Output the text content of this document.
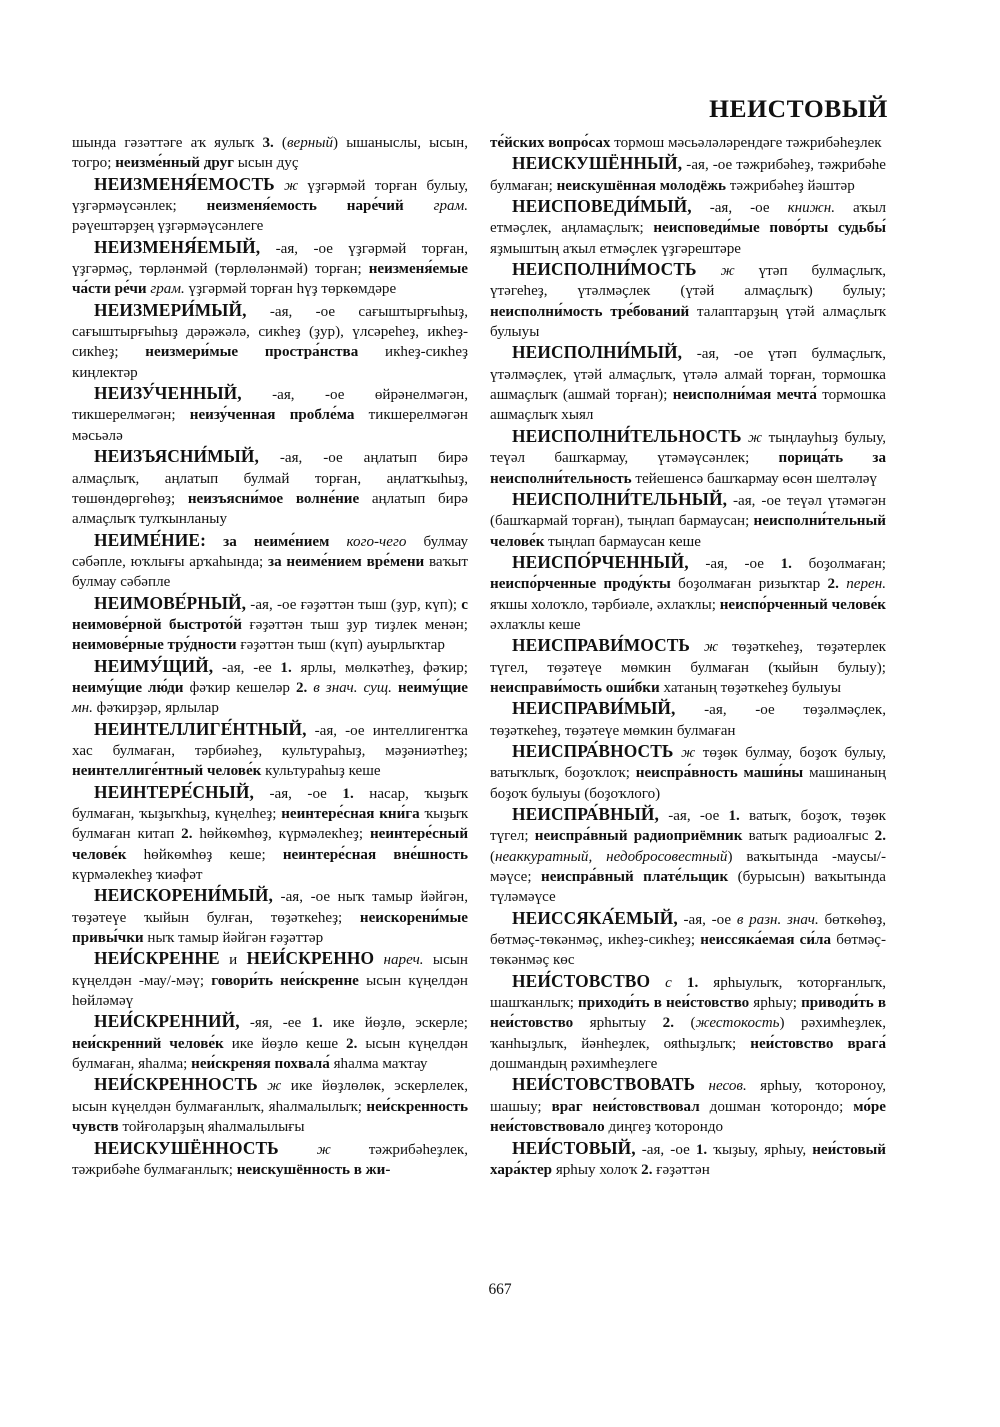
НЕИСТОВЫЙ

шында гәзәттәге аҡ яулыҡ 3. (верный) ышаныслы, ысын, тогро; неизме́нный друг ысын дуç

НЕИЗМЕНЯ́ЕМОСТЬ ж үҙгәрмәй торған булыу, үҙгәрмәүсәнлек; неизменя́емость наре́чий грам. рәүештәрҙең үҙгәрмәүсәнлеге

НЕИЗМЕНЯ́ЕМЫЙ, -ая, -ое үҙгәрмәй торған, үҙгәрмәç, төрләнмәй (төрлөләнмәй) торған; неизменя́емые ча́сти ре́чи грам. үҙгәрмәй торған hүҙ төркөмдәре

НЕИЗМЕРИ́МЫЙ, -ая, -ое сағыштырғыhыҙ, сағыштырғыhыҙ дәрәжәлә, сикheҙ (ҙур), үлсәреheҙ, икhеҙ-сикhеҙ; неизмери́мые простра́нства икhеҙ-сикhеҙ киңлектәр

НЕИЗУ́ЧЕННЫЙ, -ая, -ое өйрәнелмәгән, тикшерелмәгән; неизу́ченная пробле́ма тикшерелмәгән мәсьәлә

НЕИЗЪЯСНИ́МЫЙ, -ая, -ое аңлатып бирә алмаçлыҡ, аңлатып булмай торған, аңлатҡыhыҙ, төшөндөргөhөҙ; неизъясни́мое волне́ние аңлатып бирә алмаçлыҡ тулҡынланыу

НЕИМЕ́НИЕ: за неиме́нием кого-чего булмау сәбәпле, юҡлығы арҡаhында; за неиме́нием вре́мени ваҡыт булмау сәбәпле

НЕИМОВЕ́РНЫЙ, -ая, -ое ғәҙәттән тыш (ҙур, күп); с неимове́рной быстрото́й ғәҙәттән тыш ҙур тиҙлек менән; неимове́рные тру́дности ғәҙәттән тыш (күп) ауырлыҡтар

НЕИМУ́ЩИЙ, -ая, -ее 1. ярлы, мөлкәтheҙ, фәҡир; неиму́щие лю́ди фәҡир кешеләр 2. в знач. сущ. неиму́щие мн. фәҡирҙәр, ярлылар

НЕИНТЕЛЛИГЕ́НТНЫЙ, -ая, -ое интеллигентҡа хас булмаған, тәрбиәheҙ, культураhыҙ, мәҙәниәтheҙ; неинтеллиге́нтный челове́к культураhыҙ кеше

НЕИНТЕРЕ́СНЫЙ, -ая, -ое 1. насар, ҡыҙыҡ булмаған, ҡыҙыҡhыҙ, күңелheҙ; неинтере́сная кни́га ҡыҙыҡ булмаған китап 2. hөйкөмhөҙ, күрмәлекheҙ; неинтере́сный челове́к hөйкөмhөҙ кеше; неинтере́сная вне́шность күрмәлекheҙ ҡиәфәт

НЕИСКОРЕНИ́МЫЙ, -ая, -ое ныҡ тамыр йәйгән, төҙәтеүе ҡыйын булған, төҙәткеheҙ; неискорени́мые привы́чки ныҡ тамыр йәйгән ғәҙәттәр

НЕИ́СКРЕННЕ и НЕИ́СКРЕННО нареч. ысын күңелдән -мау/-мәү; говори́ть неи́скренне ысын күңелдән hөйләмәү

НЕИ́СКРЕННИЙ, -яя, -ее 1. ике йөҙлө, эскерле; неи́скренний челове́к ике йөҙлө кеше 2. ысын күңелдән булмаған, яhалма; неи́скреняя похвала́ яhалма маҡтау

НЕИ́СКРЕННОСТЬ ж ике йөҙлөлөк, эскерлелек, ысын күңелдән булмағанлыҡ, яhалмалылыҡ; неи́скренность чувств тойғоларҙың яhалмалылығы

НЕИСКУШЁННОСТЬ	ж тәжрибәheҙлек, тәжрибәhе булмағанлыҡ; неискушённость в жи-

те́йских вопро́сах тормош мәсьәләләрендәге тәжрибәheҙлек

НЕИСКУШЁННЫЙ, -ая, -ое тәжрибәheҙ, тәжрибәhе булмаған; неискушённая молодёжь тәжрибәheҙ йәштәр

НЕИСПОВЕДИ́МЫЙ, -ая, -ое книжн. аҡыл етмәçлек, аңламаçлыҡ; неисповеди́мые пово́рты судьбы́ яҙмыштың аҡыл етмәçлек үҙгәрештәре

НЕИСПОЛНИ́МОСТЬ ж үтәп булмаçлыҡ, үтәгеheҙ, үтәлмәçлек (үтәй алмаçлыҡ) булыу; неисполни́мость тре́бований талаптарҙың үтәй алмаçлыҡ булыуы

НЕИСПОЛНИ́МЫЙ, -ая, -ое үтәп булмаçлыҡ, үтәлмәçлек, үтәй алмаçлыҡ, үтәлә алмай торған, тормошка ашмаçлыҡ (ашмай торған); неисполни́мая мечта́ тормошка ашмаçлыҡ хыял

НЕИСПОЛНИ́ТЕЛЬНОСТЬ ж тыңлауhыҙ булыу, теүәл башҡармау, үтәмәүсәнлек; порица́ть за неисполни́тельность тейешенсә башҡармау өсөн шелтәләү

НЕИСПОЛНИ́ТЕЛЬНЫЙ, -ая, -ое теүәл үтәмәгән (башҡармай торған), тыңлап бармаусан; неисполни́тельный челове́к тыңлап бармаусан кеше

НЕИСПО́РЧЕННЫЙ, -ая, -ое 1. боҙолмаған; неиспо́рченные проду́кты боҙолмаған ризыҡтар 2. перен. яҡшы холоҡло, тәрбиәле, әхлаҡлы; неиспо́рченный челове́к әхлаҡлы кеше

НЕИСПРАВИ́МОСТЬ ж төҙәткеheҙ, төҙәтерлек түгел, төҙәтеүе мөмкин булмаған (ҡыйын булыу); неисправи́мость оши́бки хатаның төҙәткеheҙ булыуы

НЕИСПРАВИ́МЫЙ, -ая, -ое төҙәлмәçлек, төҙәткеheҙ, төҙәтеүе мөмкин булмаған

НЕИСПРА́ВНОСТЬ ж төҙөк булмау, боҙоҡ булыу, ватыҡлыҡ, боҙоҡлоҡ; неиспра́вность маши́ны машинаның боҙоҡ булыуы (боҙоҡлого)

НЕИСПРА́ВНЫЙ, -ая, -ое 1. ватыҡ, боҙоҡ, төҙөк түгел; неиспра́вный радиоприёмник ватыҡ радиоалғыс 2. (неаккуратный, недобросовестный) ваҡытында -маусы/-мәүсе; неиспра́вный плате́льщик (бурысын) ваҡытында түләмәүсе

НЕИССЯКА́ЕМЫЙ, -ая, -ое в разн. знач. бөткөhөҙ, бөтмәç-төкәнмәç, икhеҙ-сикhеҙ; неиссяка́емая си́ла бөтмәç-төкәнмәç көс

НЕИ́СТОВСТВО с 1. ярhыулыҡ, ҡоторғанлыҡ, шашҡанлыҡ; приходи́ть в неи́стовство яphыу; приводи́ть в неи́стовство яphытыу 2. (жестокость) рәхимheҙлек, ҡанhыҙлыҡ, йәнheҙлек, ояthыҙлыҡ; неи́стовство врага́ дошмандың рәхимheҙлеге

НЕИ́СТОВСТВОВАТЬ несов. яphыу, ҡоторонoу, шашыу; враг неи́стовствовал дошман ҡоторондо; мо́ре неи́стовствовало диңгеҙ ҡоторондо

НЕИ́СТОВЫЙ, -ая, -ое 1. ҡыҙыу, яphыу, неи́стовый хара́ктер яphыу холоҡ 2. ғәҙәттән

667
